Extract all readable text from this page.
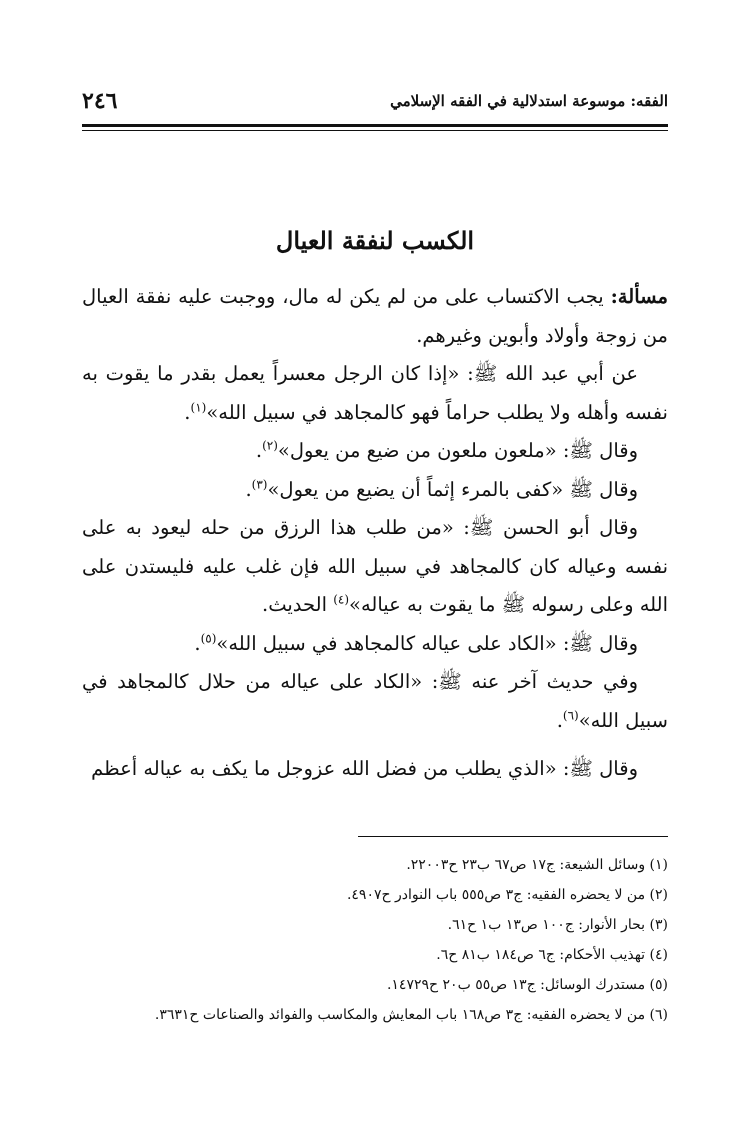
الفقه: موسوعة استدلالية في الفقه الإسلامي
٢٤٦
الكسب لنفقة العيال

مسألة: يجب الاكتساب على من لم يكن له مال، ووجبت عليه نفقة العيال من زوجة وأولاد وأبوين وغيرهم.

عن أبي عبد الله ﷺ: «إذا كان الرجل معسراً يعمل بقدر ما يقوت به نفسه وأهله ولا يطلب حراماً فهو كالمجاهد في سبيل الله»$^{(١)}$.

وقال ﷺ: «ملعون ملعون من ضيع من يعول»$^{(٢)}$.

وقال ﷺ «كفى بالمرء إثماً أن يضيع من يعول»$^{(٣)}$.

وقال أبو الحسن ﷺ: «من طلب هذا الرزق من حله ليعود به على نفسه وعياله كان كالمجاهد في سبيل الله فإن غلب عليه فليستدن على الله وعلى رسوله ﷺ ما يقوت به عياله»$^{(٤)}$ الحديث.

وقال ﷺ: «الكاد على عياله كالمجاهد في سبيل الله»$^{(٥)}$.

وفي حديث آخر عنه ﷺ: «الكاد على عياله من حلال كالمجاهد في سبيل الله»$^{(٦)}$.

وقال ﷺ: «الذي يطلب من فضل الله عزوجل ما يكف به عياله أعظم

(١) وسائل الشيعة: ج١٧ ص٦٧ ب٢٣ ح٢٢٠٠٣.
(٢) من لا يحضره الفقيه: ج٣ ص٥٥٥ باب النوادر ح٤٩٠٧.
(٣) بحار الأنوار: ج١٠٠ ص١٣ ب١ ح٦١.
(٤) تهذيب الأحكام: ج٦ ص١٨٤ ب٨١ ح٦.
(٥) مستدرك الوسائل: ج١٣ ص٥٥ ب٢٠ ح١٤٧٢٩.
(٦) من لا يحضره الفقيه: ج٣ ص١٦٨ باب المعايش والمكاسب والفوائد والصناعات ح٣٦٣١.
